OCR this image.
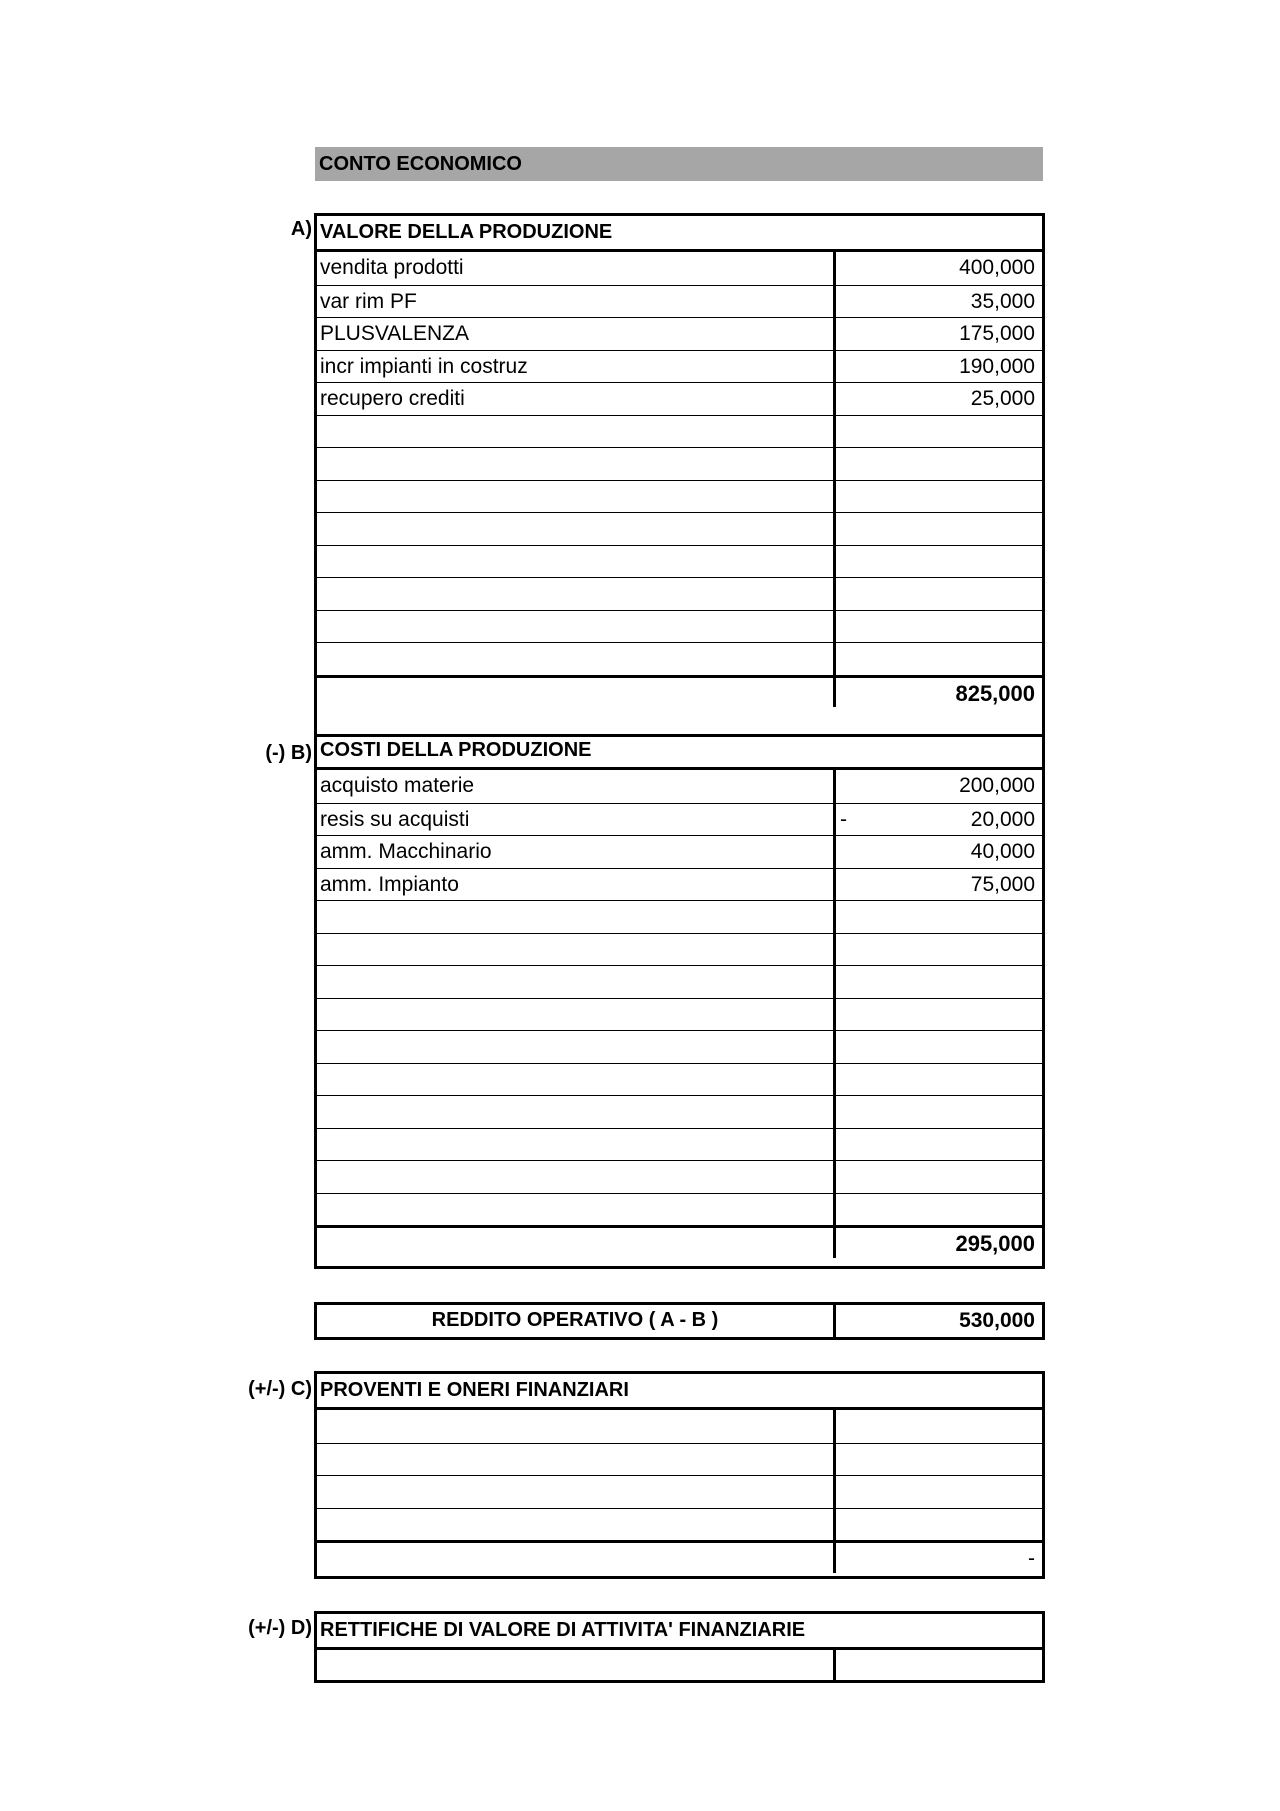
CONTO ECONOMICO
A) VALORE DELLA PRODUZIONE
vendita prodotti	400,000
var rim PF	35,000
PLUSVALENZA	175,000
incr impianti in costruz	190,000
recupero crediti	25,000
825,000
(-) B) COSTI DELLA PRODUZIONE
acquisto materie	200,000
resis su acquisti	-	20,000
amm. Macchinario	40,000
amm. Impianto	75,000
295,000
REDDITO OPERATIVO ( A - B )	530,000
(+/-) C) PROVENTI E ONERI FINANZIARI
-
(+/-) D) RETTIFICHE DI VALORE DI ATTIVITA' FINANZIARIE
